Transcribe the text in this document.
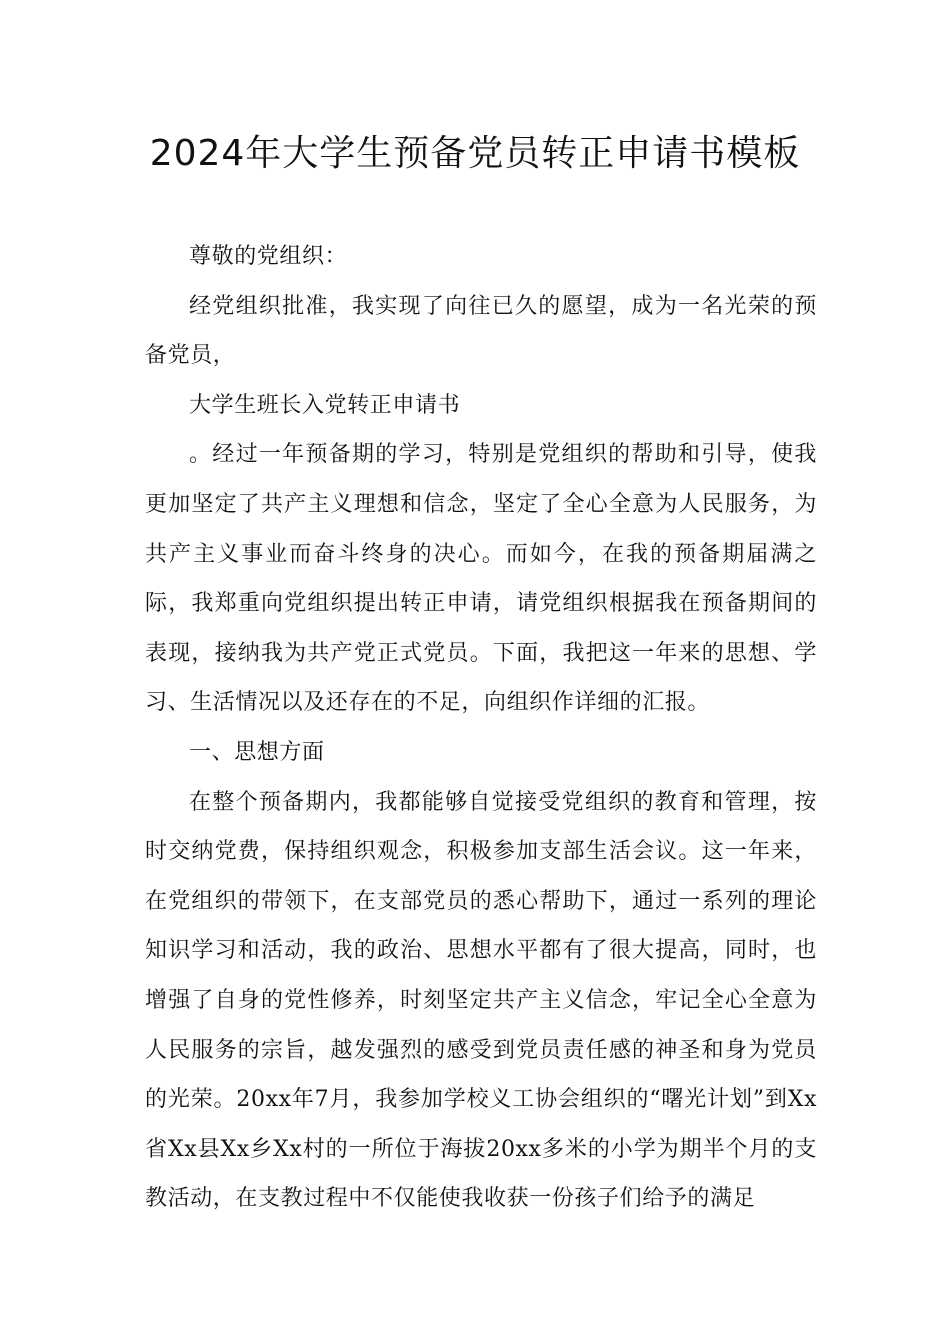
2024年大学生预备党员转正申请书模板

尊敬的党组织：

经党组织批准，我实现了向往已久的愿望，成为一名光荣的预备党员，

大学生班长入党转正申请书

。经过一年预备期的学习，特别是党组织的帮助和引导，使我更加坚定了共产主义理想和信念，坚定了全心全意为人民服务，为共产主义事业而奋斗终身的决心。而如今，在我的预备期届满之际，我郑重向党组织提出转正申请，请党组织根据我在预备期间的表现，接纳我为共产党正式党员。下面，我把这一年来的思想、学习、生活情况以及还存在的不足，向组织作详细的汇报。

一、思想方面

在整个预备期内，我都能够自觉接受党组织的教育和管理，按时交纳党费，保持组织观念，积极参加支部生活会议。这一年来，在党组织的带领下，在支部党员的悉心帮助下，通过一系列的理论知识学习和活动，我的政治、思想水平都有了很大提高，同时，也增强了自身的党性修养，时刻坚定共产主义信念，牢记全心全意为人民服务的宗旨，越发强烈的感受到党员责任感的神圣和身为党员的光荣。20xx年7月，我参加学校义工协会组织的“曙光计划”到Xx省Xx县Xx乡Xx村的一所位于海拔20xx多米的小学为期半个月的支教活动，在支教过程中不仅能使我收获一份孩子们给予的满足
